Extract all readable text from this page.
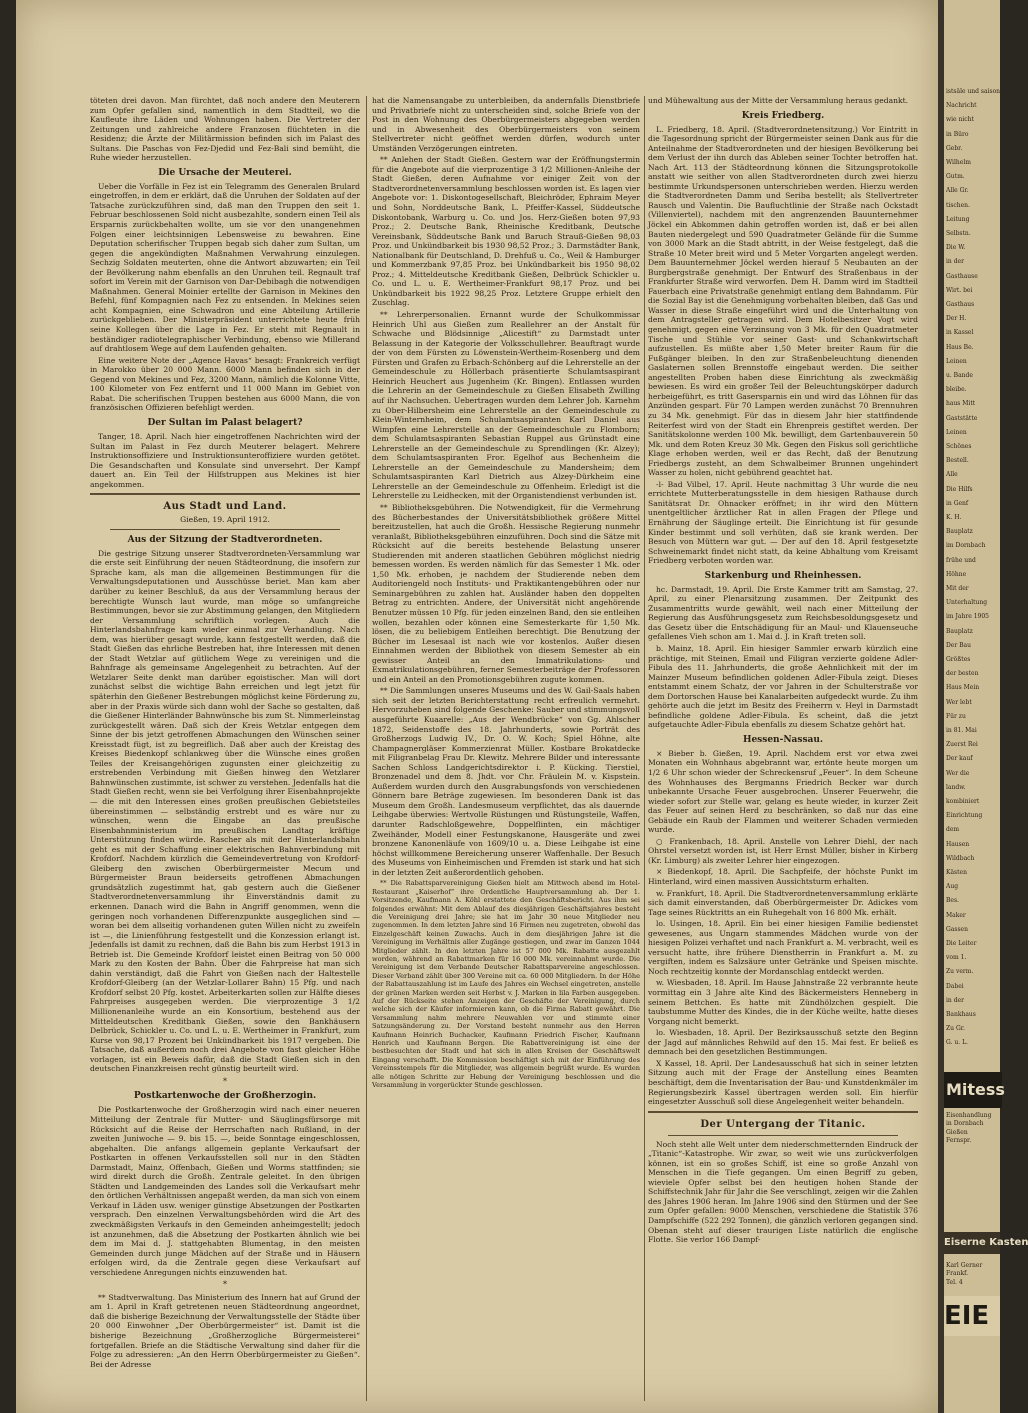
töteten drei davon. Man fürchtet, daß noch andere den Meuterern zum Opfer gefallen sind, namentlich in dem Stadtteil, wo die Kaufleute ihre Läden und Wohnungen haben. Die Vertreter der Zeitungen und zahlreiche andere Franzosen flüchteten in die Residenz; die Ärzte der Militärmission befinden sich im Palast des Sultans. Die Paschas von Fez-Djedid und Fez-Bali sind bemüht, die Ruhe wieder herzustellen.

Die Ursache der Meuterei.

Ueber die Vorfälle in Fez ist ein Telegramm des Generalen Brulard eingetroffen, in dem er erklärt, daß die Unruhen der Soldaten auf der Tatsache zurückzuführen sind, daß man den Truppen den seit 1. Februar beschlossenen Sold nicht ausbezahlte, sondern einen Teil als Ersparnis zurückbehalten wollte, um sie vor den unangenehmen Folgen einer leichtsinnigen Lebensweise zu bewahren. Eine Deputation scherifischer Truppen begab sich daher zum Sultan, um gegen die angekündigten Maßnahmen Verwahrung einzulegen. Sechzig Soldaten meuterten, ohne die Antwort abzuwarten; ein Teil der Bevölkerung nahm ebenfalls an den Unruhen teil. Regnault traf sofort im Verein mit der Garnison von Dar-Debibagh die notwendigen Maßnahmen. General Moinier ertellte der Garnison in Mekines den Befehl, fünf Kompagnien nach Fez zu entsenden. In Mekines seien acht Kompagnien, eine Schwadron und eine Abteilung Artillerie zurückgeblieben. Der Ministerpräsident unterrichtete heute früh seine Kollegen über die Lage in Fez. Er steht mit Regnault in beständiger radiotelegraphischer Verbindung, ebenso wie Millerand auf drahtlosem Wege auf dem Laufenden gehalten.

Eine weitere Note der „Agence Havas“ besagt: Frankreich verfügt in Marokko über 20 000 Mann. 6000 Mann befinden sich in der Gegend von Mekines und Fez, 3200 Mann, nämlich die Kolonne Vitte, 100 Kilometer von Fez entfernt und 11 000 Mann im Gebiet von Rabat. Die scherifischen Truppen bestehen aus 6000 Mann, die von französischen Offizieren befehligt werden.

Der Sultan im Palast belagert?

Tanger, 18. April. Nach hier eingetroffenen Nachrichten wird der Sultan im Palast in Fez durch Meuterer belagert. Mehrere Instruktionsoffiziere und Instruktionsunteroffiziere wurden getötet. Die Gesandschaften und Konsulate sind unversehrt. Der Kampf dauert an. Ein Teil der Hilfstruppen aus Mekines ist hier angekommen.

Aus Stadt und Land.
Gießen, 19. April 1912.
Aus der Sitzung der Stadtverordneten.

Die gestrige Sitzung unserer Stadtverordneten-Versammlung war die erste seit Einführung der neuen Städteordnung, die insofern zur Sprache kam, als man die allgemeinen Bestimmungen für die Verwaltungsdeputationen und Ausschüsse beriet. Man kam aber darüber zu keiner Beschluß, da aus der Versammlung heraus der berechtigte Wunsch laut wurde, man möge so umfangreiche Bestimmungen, bevor sie zur Abstimmung gelangen, den Mitgliedern der Versammlung schriftlich vorlegen. Auch die Hinterlandsbahnfrage kam wieder einmal zur Verhandlung. Nach dem, was hierüber gesagt wurde, kann festgestellt werden, daß die Stadt Gießen das ehrliche Bestreben hat, ihre Interessen mit denen der Stadt Wetzlar auf gütlichem Wege zu vereinigen und die Bahnfrage als gemeinsame Angelegenheit zu betrachten. Auf der Wetzlarer Seite denkt man darüber egoistischer. Man will dort zunächst selbst die wichtige Bahn erreichen und legt jetzt für späterhin den Gießener Bestrebungen möglichst keine Förderung zu, aber in der Praxis würde sich dann wohl der Sache so gestalten, daß die Gießener Hinterländer Bahnwünsche bis zum St. Nimmerleinstag zurückgestellt wären. Daß sich der Kreis Wetzlar entgegen dem Sinne der bis jetzt getroffenen Abmachungen den Wünschen seiner Kreisstadt fügt, ist zu begreiflich. Daß aber auch der Kreistag des Kreises Biedenkopf schlankweg über die Wünsche eines großen Teiles der Kreisangehörigen zugunsten einer gleichzeitig zu erstrebenden Verbindung mit Gießen hinweg den Wetzlarer Bahnwünschen zustimmte, ist schwer zu verstehen. Jedenfalls hat die Stadt Gießen recht, wenn sie bei Verfolgung ihrer Eisenbahnprojekte — die mit den Interessen eines großen preußischen Gebietsteiles übereinstimmen — selbständig erstrebt und es wäre nur zu wünschen, wenn die Eingabe an das preußische Eisenbahnministerium im preußischen Landtag kräftige Unterstützung finden würde. Rascher als mit der Hinterlandsbahn geht es mit der Schaffung einer elektrischen Bahnverbindung mit Krofdorf. Nachdem kürzlich die Gemeindevertretung von Krofdorf-Gleiberg den zwischen Oberbürgermeister Mecum und Bürgermeister Braun beiderseits getroffenen Abmachungen grundsätzlich zugestimmt hat, gab gestern auch die Gießener Stadtverordnetenversammlung ihr Einverständnis damit zu erkennen. Danach wird die Bahn in Angriff genommen, wenn die geringen noch vorhandenen Differenzpunkte ausgeglichen sind — woran bei dem allseitig vorhandenen guten Willen nicht zu zweifeln ist —, die Linienführung festgestellt und die Konzession erlangt ist. Jedenfalls ist damit zu rechnen, daß die Bahn bis zum Herbst 1913 in Betrieb ist. Die Gemeinde Krofdorf leistet einen Beitrag von 50 000 Mark zu den Kosten der Bahn. Über die Fahrpreise hat man sich dahin verständigt, daß die Fahrt von Gießen nach der Haltestelle Krofdorf-Gleiberg (an der Wetzlar-Lollarer Bahn) 15 Pfg. und nach Krofdorf selbst 20 Pfg. kostet. Arbeiterkarten sollen zur Hälfte dieses Fahrpreises ausgegeben werden. Die vierprozentige 3 1/2 Millionenanleihe wurde an ein Konsortium, bestehend aus der Mitteldeutschen Kreditbank Gießen, sowie den Bankhäusern Delbrück, Schickler u. Co. und L. u. E. Wertheimer in Frankfurt, zum Kurse von 98,17 Prozent bei Unkündbarkeit bis 1917 vergeben. Die Tatsache, daß außerdem noch drei Angebote von fast gleicher Höhe vorlagen, ist ein Beweis dafür, daß die Stadt Gießen sich in den deutschen Finanzkreisen recht günstig beurteilt wird.

*
Postkartenwoche der Großherzogin.

Die Postkartenwoche der Großherzogin wird nach einer neueren Mitteilung der Zentrale für Mutter- und Säuglingsfürsorge mit Rücksicht auf die Reise der Herrschaften nach Rußland, in der zweiten Juniwoche — 9. bis 15. —, beide Sonntage eingeschlossen, abgehalten. Die anfangs allgemein geplante Verkaufsart der Postkarten in offenen Verkaufsstellen soll nur in den Städten Darmstadt, Mainz, Offenbach, Gießen und Worms stattfinden; sie wird direkt durch die Großh. Zentrale geleitet. In den übrigen Städten und Landgemeinden des Landes soll die Verkaufsart mehr den örtlichen Verhältnissen angepaßt werden, da man sich von einem Verkauf in Läden usw. weniger günstige Absetzungen der Postkarten versprach. Den einzelnen Verwaltungsbehörden wird die Art des zweckmäßigsten Verkaufs in den Gemeinden anheimgestellt; jedoch ist anzunehmen, daß die Absetzung der Postkarten ähnlich wie bei dem im Mai d. J. stattgehabten Blumentag, in den meisten Gemeinden durch junge Mädchen auf der Straße und in Häusern erfolgen wird, da die Zentrale gegen diese Verkaufsart auf verschiedene Anregungen nichts einzuwenden hat.

*

** Stadtverwaltung. Das Ministerium des Innern hat auf Grund der am 1. April in Kraft getretenen neuen Städteordnung angeordnet, daß die bisherige Bezeichnung der Verwaltungsstelle der Städte über 20 000 Einwohner „Der Oberbürgermeister“ ist. Damit ist die bisherige Bezeichnung „Großherzogliche Bürgermeisterei“ fortgefallen. Briefe an die Städtische Verwaltung sind daher für die Folge zu adressieren: „An den Herrn Oberbürgermeister zu Gießen“. Bei der Adresse

hat die Namensangabe zu unterbleiben, da andernfalls Dienstbriefe und Privatbriefe nicht zu unterscheiden sind, solche Briefe von der Post in den Wohnung des Oberbürgermeisters abgegeben werden und in Abwesenheit des Oberbürgermeisters von seinem Stellvertreter nicht geöffnet werden dürfen, wodurch unter Umständen Verzögerungen eintreten.

** Anlehen der Stadt Gießen. Gestern war der Eröffnungstermin für die Angebote auf die vierprozentige 3 1/2 Millionen-Anleihe der Stadt Gießen, deren Aufnahme vor einiger Zeit von der Stadtverordnetenversammlung beschlossen worden ist. Es lagen vier Angebote vor: 1. Diskontogesellschaft, Bleichröder, Ephraim Meyer und Sohn, Norddeutsche Bank, L. Pfeiffer-Kassel, Süddeutsche Diskontobank, Warburg u. Co. und Jos. Herz-Gießen boten 97,93 Proz.; 2. Deutsche Bank, Rheinische Kreditbank, Deutsche Vereinsbank, Süddeutsche Bank und Baruch Strauß-Gießen 98,03 Proz. und Unkündbarkeit bis 1930 98,52 Proz.; 3. Darmstädter Bank, Nationalbank für Deutschland, D. Drehfuß u. Co., Weil & Hamburger und Kommerzbank 97,85 Proz. bei Unkündbarkeit bis 1950 98,02 Proz.; 4. Mitteldeutsche Kreditbank Gießen, Delbrück Schickler u. Co. und L. u. E. Wertheimer-Frankfurt 98,17 Proz. und bei Unkündbarkeit bis 1922 98,25 Proz. Letztere Gruppe erhielt den Zuschlag.

** Lehrerpersonalien. Ernannt wurde der Schulkommissar Heinrich Uhl aus Gießen zum Reallehrer an der Anstalt für Schwache und Blödsinnige „Alicestift“ zu Darmstadt unter Belassung in der Kategorie der Volksschullehrer. Beauftragt wurde der von dem Fürsten zu Löwenstein-Wertheim-Rosenberg und dem Fürsten und Grafen zu Erbach-Schönberg auf die Lehrerstelle an der Gemeindeschule zu Höllerbach präsentierte Schulamtsaspirant Heinrich Heuchert aus Jugenheim (Kr. Bingen). Entlassen wurden die Lehrerin an der Gemeindeschule zu Gießen Elisabeth Zwilling auf ihr Nachsuchen. Uebertragen wurden dem Lehrer Joh. Karnehm zu Ober-Hilbersheim eine Lehrerstelle an der Gemeindeschule zu Klein-Winternheim, dem Schulamtsaspiranten Karl Daniel aus Wimpfen eine Lehrerstelle an der Gemeindeschule zu Flomborn; dem Schulamtsaspiranten Sebastian Ruppel aus Grünstadt eine Lehrerstelle an der Gemeindeschule zu Sprendlingen (Kr. Alzey); dem Schulamtsaspiranten Fror. Egelhof aus Bechenheim die Lehrerstelle an der Gemeindeschule zu Mandersheim; dem Schulamtsaspiranten Karl Dietrich aus Alzey-Dürkheim eine Lehrerstelle an der Gemeindeschule zu Offenheim. Erledigt ist die Lehrerstelle zu Leidhecken, mit der Organistendienst verbunden ist.

** Bibliotheksgebühren. Die Notwendigkeit, für die Vermehrung des Bücherbestandes der Universitätsbibliothek größere Mittel bereitzustellen, hat auch die Großh. Hessische Regierung nunmehr veranlaßt, Bibliotheksgebühren einzuführen. Doch sind die Sätze mit Rücksicht auf die bereits bestehende Belastung unserer Studierenden mit anderen staatlichen Gebühren möglichst niedrig bemessen worden. Es werden nämlich für das Semester 1 Mk. oder 1,50 Mk. erhoben, je nachdem der Studierende neben dem Auditoriengeld noch Instituts- und Praktikantengebühren oder nur Seminargebühren zu zahlen hat. Ausländer haben den doppelten Betrag zu entrichten. Andere, der Universität nicht angehörende Benutzer müssen 10 Pfg. für jeden einzelnen Band, den sie entleihen wollen, bezahlen oder können eine Semesterkarte für 1,50 Mk. lösen, die zu beliebigem Entleihen berechtigt. Die Benutzung der Bücher im Lesesaal ist nach wie vor kostenlos. Außer diesen Einnahmen werden der Bibliothek von diesem Semester ab ein gewisser Anteil an den Immatrikulations- und Exmatrikulationsgebühren, ferner Semesterbeiträge der Professoren und ein Anteil an den Promotionsgebühren zugute kommen.

** Die Sammlungen unseres Museums und des W. Gail-Saals haben sich seit der letzten Berichterstattung recht erfreulich vermehrt. Hervorzuheben sind folgende Geschenke: Sauber und stimmungsvoll ausgeführte Kuaarelle: „Aus der Wendbrücke“ von Gg. Ahlscher 1872, Seidenstoffe des 18. Jahrhunderts, sowie Porträt des Großherzogs Ludwig IV., Dr. O. W. Koch; Spiel Höhne, alte Champagnergläser Kommerzienrat Müller. Kostbare Brokatdecke mit Filigranbelag Frau Dr. Klewitz. Mehrere Bilder und interessante Sachen Schloss Landgerichtsdirektor i. P. Kücking. Tierstiel, Bronzenadel und dem 8. Jhdt. vor Chr. Fräulein M. v. Kispstein. Außerdem wurden durch den Ausgrabungsfonds von verschiedenen Gönnern bare Beträge zugewiesen. Im besonderen Dank ist das Museum dem Großh. Landesmuseum verpflichtet, das als dauernde Leihgabe überwies: Wertvolle Rüstungen und Rüstungsteile, Waffen, darunter Radschloßgewehre, Doppelflinten, ein mächtiger Zweihänder, Modell einer Festungskanone, Hausgeräte und zwei bronzene Kanonenläufe von 1609/10 u. a. Diese Leihgabe ist eine höchst willkommene Bereicherung unserer Waffenhalle. Der Besuch des Museums von Einheimischen und Fremden ist stark und hat sich in der letzten Zeit außerordentlich gehoben.

** Die Rabattsparvereinigung Gießen hielt am Mittwoch abend im Hotel-Restaurant „Kaiserhof“ ihre Ordentliche Hauptversammlung ab. Der 1. Vorsitzende, Kaufmann A. Köhl erstattete den Geschäftsbericht. Aus ihm sei folgendes erwähnt: Mit dem Ablauf des diesjährigen Geschäftsjahres besteht die Vereinigung drei Jahre; sie hat im Jahr 30 neue Mitglieder neu zugenommen. In dem letzten Jahre sind 16 Firmen neu zugetreten, obwohl das Einzelgeschäft keinen Zuwachs. Auch in dem diesjährigen Jahre ist die Vereinigung im Verhältnis aller Zugänge gestiegen, und zwar im Ganzen 1044 Mitglieder zählt. In den letzten Jahre ist 57 000 Mk. Rabatte ausgezahlt worden, während an Rabattmarken für 16 000 Mk. vereinnahmt wurde. Die Vereinigung ist dem Verbande Deutscher Rabattsparvereine angeschlossen. Dieser Verband zählt über 300 Vereine mit ca. 60 000 Mitgliedern. In der Höhe der Rabattauszahlung ist im Laufe des Jahres ein Wechsel eingetreten, anstelle der grünen Marken werden seit Herbst v. J. Marken in lila Farben ausgegeben. Auf der Rückseite stehen Anzeigen der Geschäfte der Vereinigung, durch welche sich der Käufer informieren kann, ob die Firma Rabatt gewährt. Die Versammlung nahm mehrere Neuwahlen vor und stimmte einer Satzungsänderung zu. Der Vorstand besteht nunmehr aus den Herren Kaufmann Heinrich Buchacker, Kaufmann Friedrich Fischer, Kaufmann Henrich und Kaufmann Bergen. Die Rabattvereinigung ist eine der bestbesuchten der Stadt und hat sich in allen Kreisen der Geschäftswelt Eingang verschafft. Die Kommission beschäftigt sich mit der Einführung des Vereinsstempels für die Mitglieder, was allgemein begrüßt wurde. Es wurden alle nötigen Schritte zur Hebung der Vereinigung beschlossen und die Versammlung in vorgerückter Stunde geschlossen.

und Mühewaltung aus der Mitte der Versammlung heraus gedankt.

Kreis Friedberg.

L. Friedberg, 18. April. (Stadtverordnetensitzung.) Vor Eintritt in die Tagesordnung spricht der Bürgermeister seinen Dank aus für die Anteilnahme der Stadtverordneten und der hiesigen Bevölkerung bei dem Verlust der ihn durch das Ableben seiner Tochter betroffen hat. Nach Art. 113 der Städteordnung können die Sitzungsprotokolle anstatt wie seither von allen Stadtverordneten durch zwei hierzu bestimmte Urkundspersonen unterschrieben werden. Hierzu werden die Stadtverordneten Damm und Seriba bestellt; als Stellvertreter Rausch und Valentin. Die Baufluchtlinie der Straße nach Ockstadt (Villenviertel), nachdem mit den angrenzenden Bauunternehmer Jöckel ein Abkommen dahin getroffen worden ist, daß er bei allen Bauten niedergelegt und 590 Quadratmeter Gelände für die Summe von 3000 Mark an die Stadt abtritt, in der Weise festgelegt, daß die Straße 10 Meter breit wird und 5 Meter Vorgarten angelegt werden. Dem Bauunternehmer Jöckel werden hierauf 5 Neubauten an der Burgbergstraße genehmigt. Der Entwurf des Straßenbaus in der Frankfurter Straße wird verworfen. Dem H. Damm wird im Stadtteil Fauerbach eine Privatstraße genehmigt entlang dem Bahndamm. Für die Sozial Bay ist die Genehmigung vorbehalten bleiben, daß Gas und Wasser in diese Straße eingeführt wird und die Unterhaltung von dem Antragsteller getragen wird. Dem Hotelbesitzer Vogt wird genehmigt, gegen eine Verzinsung von 3 Mk. für den Quadratmeter Tische und Stühle vor seiner Gast- und Schankwirtschaft aufzustellen. Es müßte aber 1,50 Meter breiter Raum für die Fußgänger bleiben. In den zur Straßenbeleuchtung dienenden Gaslaternen sollen Brennstoffe eingebaut werden. Die seither angestellten Proben haben diese Einrichtung als zweckmäßig bewiesen. Es wird ein großer Teil der Beleuchtungskörper dadurch herbeigeführt, es tritt Gasersparnis ein und wird das Löhnen für das Anzünden gespart. Für 70 Lampen werden zunächst 70 Brennuhren zu 34 Mk. genehmigt. Für das in diesem Jahr hier stattfindende Reiterfest wird von der Stadt ein Ehrenpreis gestiftet werden. Der Sanitätskolonne werden 100 Mk. bewilligt, dem Gartenbauverein 50 Mk. und dem Roten Kreuz 30 Mk. Gegen den Fiskus soll gerichtliche Klage erhoben werden, weil er das Recht, daß der Benutzung Friedbergs zusteht, an dem Schwalbeimer Brunnen ungehindert Wasser zu holen, nicht gebührend geachtet hat.

-l- Bad Vilbel, 17. April. Heute nachmittag 3 Uhr wurde die neu errichtete Mutterberatungsstelle in dem hiesigen Rathause durch Sanitätsrat Dr. Ohnacker eröffnet; in ihr wird den Müttern unentgeltlicher ärztlicher Rat in allen Fragen der Pflege und Ernährung der Säuglinge erteilt. Die Einrichtung ist für gesunde Kinder bestimmt und soll verhüten, daß sie krank werden. Der Besuch von Müttern war gut. — Der auf den 18. April festgesetzte Schweinemarkt findet nicht statt, da keine Abhaltung vom Kreisamt Friedberg verboten worden war.

Starkenburg und Rheinhessen.

hc. Darmstadt, 19. April. Die Erste Kammer tritt am Samstag, 27. April, zu einer Plenarsitzung zusammen. Der Zeitpunkt des Zusammentritts wurde gewählt, weil nach einer Mitteilung der Regierung das Ausführungsgesetz zum Reichsbesoldungsgesetz und das Gesetz über die Entschädigung für an Maul- und Klauenseuche gefallenes Vieh schon am 1. Mai d. J. in Kraft treten soll.

b. Mainz, 18. April. Ein hiesiger Sammler erwarb kürzlich eine prächtige, mit Steinen, Email und Filigran verzierte goldene Adler-Fibula des 11. Jahrhunderts, die große Aehnlichkeit mit der im Mainzer Museum befindlichen goldenen Adler-Fibula zeigt. Dieses entstammt einem Schatz, der vor Jahren in der Schulterstraße vor dem Dortorschen Hause bei Kanalarbeiten aufgedeckt wurde. Zu ihm gehörte auch die jetzt im Besitz des Freiherrn v. Heyl in Darmstadt befindliche goldene Adler-Fibula. Es scheint, daß die jetzt aufgetauchte Adler-Fibula ebenfalls zu diesem Schatze gehört hat.

Hessen-Nassau.

× Bieber b. Gießen, 19. April. Nachdem erst vor etwa zwei Monaten ein Wohnhaus abgebrannt war, ertönte heute morgen um 1/2 6 Uhr schon wieder der Schreckensruf „Feuer“. In dem Scheune des Wohnhauses des Bergmanns Friedrich Becker war durch unbekannte Ursache Feuer ausgebrochen. Unserer Feuerwehr, die wieder sofort zur Stelle war, gelang es heute wieder, in kurzer Zeit das Feuer auf seinen Herd zu beschränken, so daß nur das eine Gebäude ein Raub der Flammen und weiterer Schaden vermieden wurde.

○ Frankenbach, 18. April. Anstelle von Lehrer Diehl, der nach Ohrstel versetzt worden ist, ist Herr Ernst Müller, bisher in Kirberg (Kr. Limburg) als zweiter Lehrer hier eingezogen.

× Biedenkopf, 18. April. Die Sachpfeife, der höchste Punkt im Hinterland, wird einen massiven Aussichtsturm erhalten.

w. Frankfurt, 18. April. Die Stadtverordnetenversammlung erklärte sich damit einverstanden, daß Oberbürgermeister Dr. Adickes vom Tage seines Rücktritts an ein Ruhegehalt von 16 800 Mk. erhält.

lo. Usingen, 18. April. Ein bei einer hiesigen Familie bedienstet gewesenes, aus Ungarn stammendes Mädchen wurde von der hiesigen Polizei verhaftet und nach Frankfurt a. M. verbracht, weil es versucht hatte, ihre frühere Dienstherrin in Frankfurt a. M. zu vergiften, indem es Salzsäure unter Getränke und Speisen mischte. Noch rechtzeitig konnte der Mordanschlag entdeckt werden.

w. Wiesbaden, 18. April. Im Hause Jahnstraße 22 verbrannte heute vormittag ein 3 Jahre alte Kind des Bäckermeisters Henneberg in seinem Bettchen. Es hatte mit Zündhölzchen gespielt. Die taubstumme Mutter des Kindes, die in der Küche weilte, hatte dieses Vorgang nicht bemerkt.

lo. Wiesbaden, 18. April. Der Bezirksausschuß setzte den Beginn der Jagd auf männliches Rehwild auf den 15. Mai fest. Er beließ es demnach bei den gesetzlichen Bestimmungen.

X Kassel, 18. April. Der Landesausschuß hat sich in seiner letzten Sitzung auch mit der Frage der Anstellung eines Beamten beschäftigt, dem die Inventarisation der Bau- und Kunstdenkmäler im Regierungsbezirk Kassel übertragen werden soll. Ein hierfür eingesetzter Ausschuß soll diese Angelegenheit weiter behandeln.

Der Untergang der Titanic.

Noch steht alle Welt unter dem niederschmetternden Eindruck der „Titanic“-Katastrophe. Wir zwar, so weit wie uns zurückverfolgen können, ist ein so großes Schiff, ist eine so große Anzahl von Menschen in die Tiefe gegangen. Um einen Begriff zu geben, wieviele Opfer selbst bei den heutigen hohen Stande der Schiffstechnik Jahr für Jahr die See verschlingt, zeigen wir die Zahlen des Jahres 1906 heran. Im Jahre 1906 sind den Stürmen und der See zum Opfer gefallen: 9000 Menschen, verschiedene die Statistik 376 Dampfschiffe (522 292 Tonnen), die gänzlich verloren gegangen sind. Obenan steht auf dieser traurigen Liste natürlich die englische Flotte. Sie verlor 166 Dampf-

istsäle und saison
Nachricht
wie nicht
in Büro
Gebr.
Wilhelm
Gutm.
Alle Gr.
tischen.
Leitung
Selbstn.
Die W.
in der
Gasthause
Wirt. bei
Gasthaus
Der H.
in Kassel
Haus Be.
Leinen
u. Bande
bleibe.
haus Mitt
Gaststätte
Leinen
Schönes
Bestell.
Alle
Die Hilfs
in Genf
K. H.
Bauplatz
im Dornbach
frühe und
Höhne
Mit der
Unterhaltung
im Jahre 1905
Bauplatz
Der Bau
Größtes
der besten
Haus Mein
Wer lebt
Für zu
in 81. Mai
Zuerst Rei
Der kauf
Wer die
landw.
kombiniert
Einrichtung
dem
Hausen
Wildbach
Kästen
Aug
Bes.
Maker
Gassen
Die Leiter
vom 1.
Zu verm.
Dabei
in der
Bankhaus
Zu Gr.
G. u. L.
Mitess
Eisenhandlung
in Dornbach
Gießen
Fernspr.
Eiserne Kasten
Karl Gerner
Frankf.
Tel. 4
EIE
